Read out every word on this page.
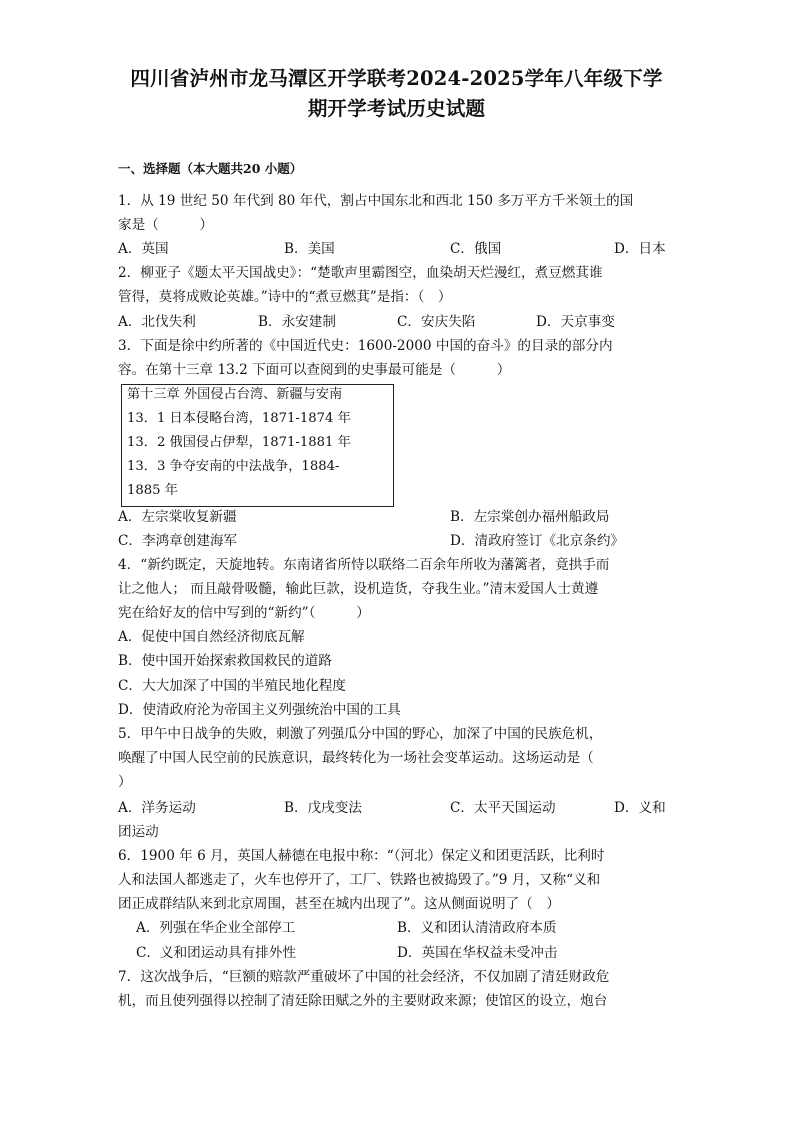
四川省泸州市龙马潭区开学联考2024-2025学年八年级下学
期开学考试历史试题
一、选择题（本大题共20 小题）
1．从 19 世纪 50 年代到 80 年代，割占中国东北和西北 150 多万平方千米领土的国
家是（　　　）
A．英国	B．美国	C．俄国	D．日本
2．柳亚子《题太平天国战史》：“楚歌声里霸图空，血染胡天烂漫红，煮豆燃萁谁
管得，莫将成败论英雄。”诗中的“煮豆燃萁”是指：（　）
A．北伐失利	B．永安建制	C．安庆失陷	D．天京事变
3．下面是徐中约所著的《中国近代史：1600-2000 中国的奋斗》的目录的部分内
容。在第十三章 13.2 下面可以查阅到的史事最可能是（　　　）
第十三章 外国侵占台湾、新疆与安南
13．1 日本侵略台湾，1871-1874 年
13．2 俄国侵占伊犁，1871-1881 年
13．3 争夺安南的中法战争，1884-
1885 年
A．左宗棠收复新疆	B．左宗棠创办福州船政局
C．李鸿章创建海军	D．清政府签订《北京条约》
4．“新约既定，天旋地转。东南诸省所恃以联络二百余年所收为藩篱者，竟拱手而
让之他人； 而且敲骨吸髓，输此巨款，设机造货，夺我生业。”清末爱国人士黄遵
宪在给好友的信中写到的“新约”（　　　）
A．促使中国自然经济彻底瓦解
B．使中国开始探索救国救民的道路
C．大大加深了中国的半殖民地化程度
D．使清政府沦为帝国主义列强统治中国的工具
5．甲午中日战争的失败，刺激了列强瓜分中国的野心，加深了中国的民族危机，
唤醒了中国人民空前的民族意识，最终转化为一场社会变革运动。这场运动是（
）
A．洋务运动	B．戊戌变法	C．太平天国运动	D．义和
团运动
6．1900 年 6 月，英国人赫德在电报中称：“（河北）保定义和团更活跃，比利时
人和法国人都逃走了，火车也停开了，工厂、铁路也被捣毁了。”9 月，又称“义和
团正成群结队来到北京周围，甚至在城内出现了”。这从侧面说明了（　）
A．列强在华企业全部停工	B．义和团认清清政府本质
C．义和团运动具有排外性	D．英国在华权益未受冲击
7．这次战争后，“巨额的赔款严重破坏了中国的社会经济，不仅加剧了清廷财政危
机，而且使列强得以控制了清廷除田赋之外的主要财政来源；使馆区的设立，炮台
